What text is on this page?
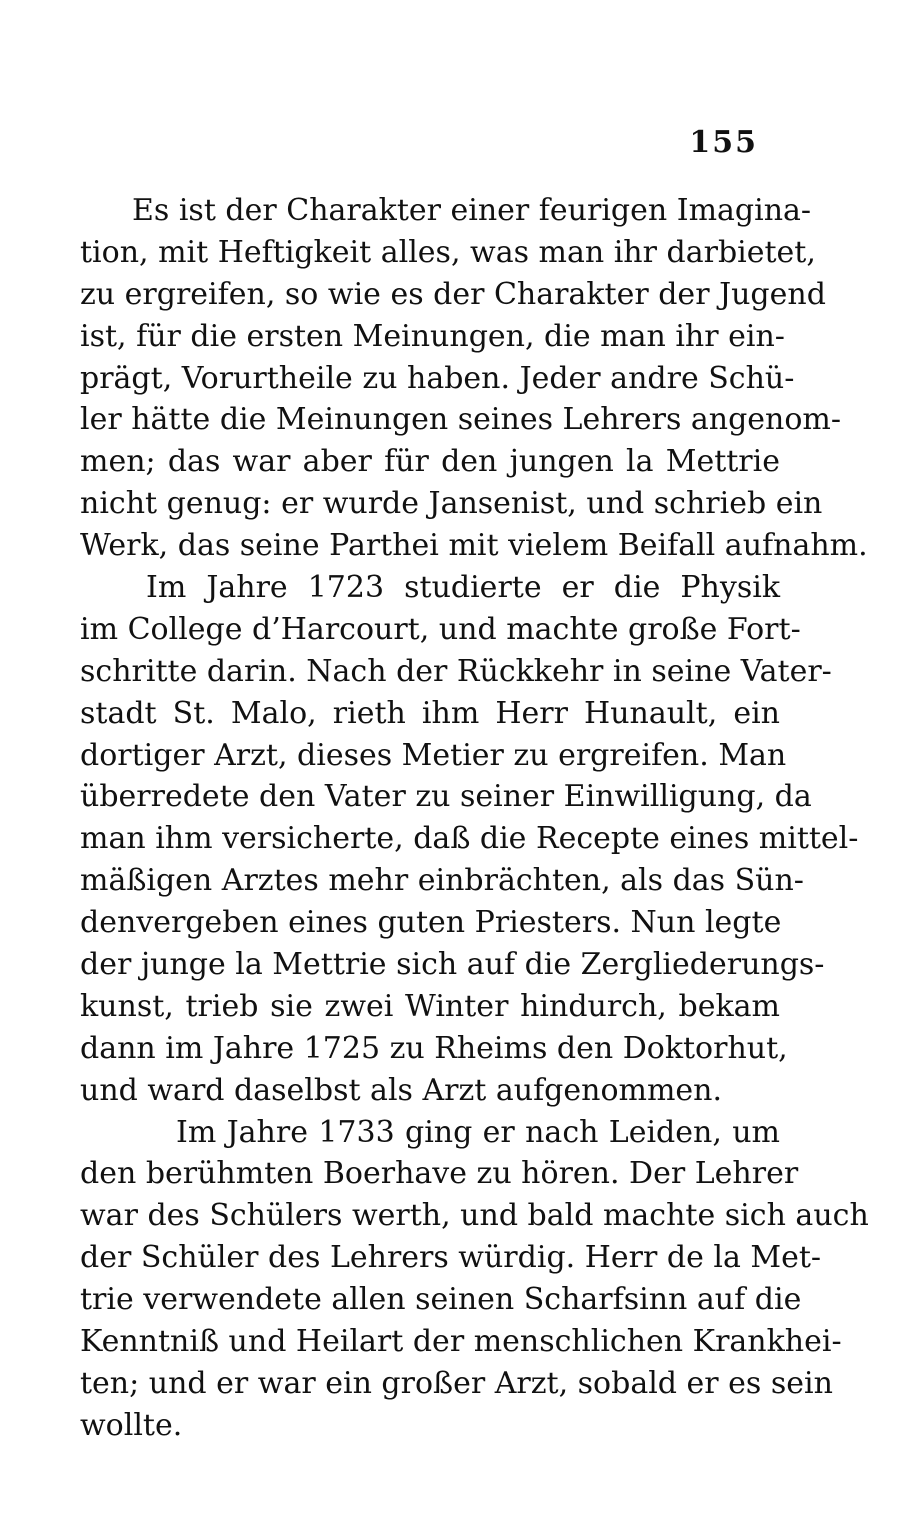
155

Es ist der Charakter einer feurigen Imagina-
tion, mit Heftigkeit alles, was man ihr darbietet,
zu ergreifen, so wie es der Charakter der Jugend
ist, für die ersten Meinungen, die man ihr ein-
prägt, Vorurtheile zu haben. Jeder andre Schü-
ler hätte die Meinungen seines Lehrers angenom-
men; das war aber für den jungen la Mettrie
nicht genug: er wurde Jansenist, und schrieb ein
Werk, das seine Parthei mit vielem Beifall aufnahm.

Im Jahre 1723 studierte er die Physik
im College d’Harcourt, und machte große Fort-
schritte darin. Nach der Rückkehr in seine Vater-
stadt St. Malo, rieth ihm Herr Hunault, ein
dortiger Arzt, dieses Metier zu ergreifen. Man
überredete den Vater zu seiner Einwilligung, da
man ihm versicherte, daß die Recepte eines mittel-
mäßigen Arztes mehr einbrächten, als das Sün-
denvergeben eines guten Priesters. Nun legte
der junge la Mettrie sich auf die Zergliederungs-
kunst, trieb sie zwei Winter hindurch, bekam
dann im Jahre 1725 zu Rheims den Doktorhut,
und ward daselbst als Arzt aufgenommen.

Im Jahre 1733 ging er nach Leiden, um
den berühmten Boerhave zu hören. Der Lehrer
war des Schülers werth, und bald machte sich auch
der Schüler des Lehrers würdig. Herr de la Met-
trie verwendete allen seinen Scharfsinn auf die
Kenntniß und Heilart der menschlichen Krankhei-
ten; und er war ein großer Arzt, sobald er es sein
wollte.
